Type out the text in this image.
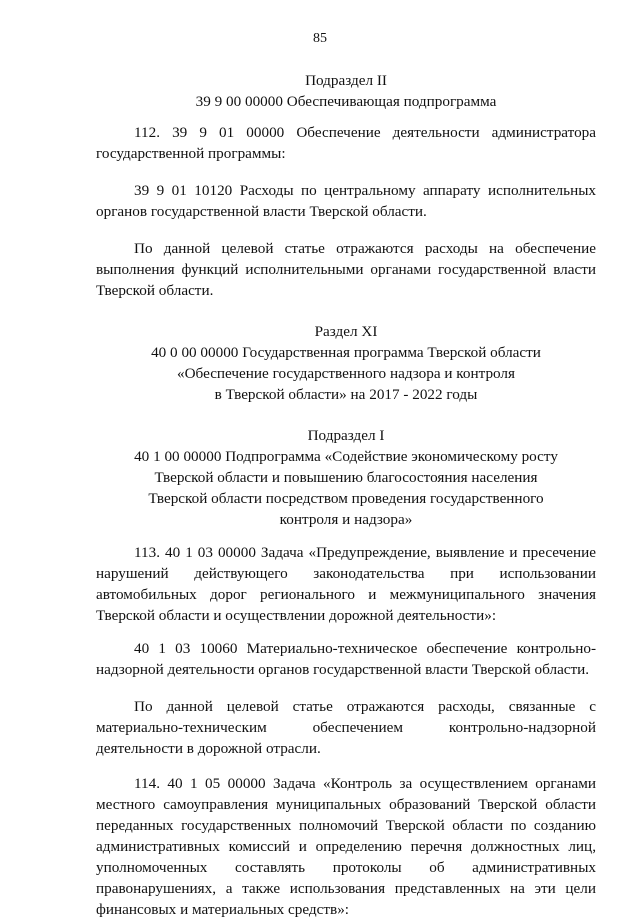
85

Подраздел II

39 9 00 00000 Обеспечивающая подпрограмма

112. 39 9 01 00000 Обеспечение деятельности администратора государственной программы:

39 9 01 10120 Расходы по центральному аппарату исполнительных органов государственной власти Тверской области.

По данной целевой статье отражаются расходы на обеспечение выполнения функций исполнительными органами государственной власти Тверской области.

Раздел XI

40 0 00 00000 Государственная программа Тверской области

«Обеспечение государственного надзора и контроля

в Тверской области» на 2017 - 2022 годы

Подраздел I

40 1 00 00000 Подпрограмма «Содействие экономическому росту

Тверской области и повышению благосостояния населения

Тверской области посредством проведения государственного

контроля и надзора»

113. 40 1 03 00000 Задача «Предупреждение, выявление и пресечение нарушений действующего законодательства при использовании автомобильных дорог регионального и межмуниципального значения Тверской области и осуществлении дорожной деятельности»:

40 1 03 10060 Материально-техническое обеспечение контрольно-надзорной деятельности органов государственной власти Тверской области.

По данной целевой статье отражаются расходы, связанные с материально-техническим обеспечением контрольно-надзорной деятельности в дорожной отрасли.

114. 40 1 05 00000 Задача «Контроль за осуществлением органами местного самоуправления муниципальных образований Тверской области переданных государственных полномочий Тверской области по созданию административных комиссий и определению перечня должностных лиц, уполномоченных составлять протоколы об административных правонарушениях, а также использования представленных на эти цели финансовых и материальных средств»:
